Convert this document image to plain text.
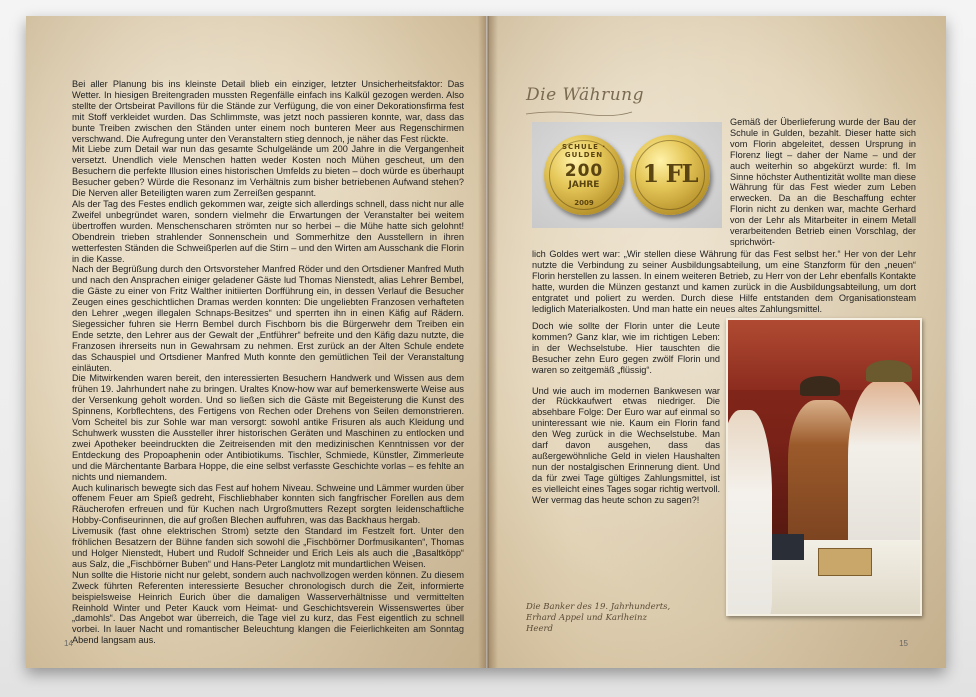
Bei aller Planung bis ins kleinste Detail blieb ein einziger, letzter Unsicherheitsfaktor: Das Wetter. In hiesigen Breitengraden mussten Regenfälle einfach ins Kalkül gezogen werden. Also stellte der Ortsbeirat Pavillons für die Stände zur Verfügung, die von einer Dekorationsfirma fest mit Stoff verkleidet wurden. Das Schlimmste, was jetzt noch passieren konnte, war, dass das bunte Treiben zwischen den Ständen unter einem noch bunteren Meer aus Regenschirmen verschwand. Die Aufregung unter den Veranstaltern stieg dennoch, je näher das Fest rückte.

Mit Liebe zum Detail war nun das gesamte Schulgelände um 200 Jahre in die Vergangenheit versetzt. Unendlich viele Menschen hatten weder Kosten noch Mühen gescheut, um den Besuchern die perfekte Illusion eines historischen Umfelds zu bieten – doch würde es überhaupt Besucher geben? Würde die Resonanz im Verhältnis zum bisher betriebenen Aufwand stehen? Die Nerven aller Beteiligten waren zum Zerreißen gespannt.

Als der Tag des Festes endlich gekommen war, zeigte sich allerdings schnell, dass nicht nur alle Zweifel unbegründet waren, sondern vielmehr die Erwartungen der Veranstalter bei weitem übertroffen wurden. Menschenscharen strömten nur so herbei – die Mühe hatte sich gelohnt! Obendrein trieben strahlender Sonnenschein und Sommerhitze den Ausstellern in ihren wetterfesten Ständen die Schweißperlen auf die Stirn – und den Wirten am Ausschank die Florin in die Kasse.

Nach der Begrüßung durch den Ortsvorsteher Manfred Röder und den Ortsdiener Manfred Muth und nach den Ansprachen einiger geladener Gäste lud Thomas Nienstedt, alias Lehrer Bembel, die Gäste zu einer von Fritz Walther initiierten Dorfführung ein, in dessen Verlauf die Besucher Zeugen eines geschichtlichen Dramas werden konnten: Die ungeliebten Franzosen verhafteten den Lehrer „wegen illegalen Schnaps-Besitzes“ und sperrten ihn in einen Käfig auf Rädern. Siegessicher fuhren sie Herrn Bembel durch Fischborn bis die Bürgerwehr dem Treiben ein Ende setzte, den Lehrer aus der Gewalt der „Entführer“ befreite und den Käfig dazu nutzte, die Franzosen ihrerseits nun in Gewahrsam zu nehmen. Erst zurück an der Alten Schule endete das Schauspiel und Ortsdiener Manfred Muth konnte den gemütlichen Teil der Veranstaltung einläuten.

Die Mitwirkenden waren bereit, den interessierten Besuchern Handwerk und Wissen aus dem frühen 19. Jahrhundert nahe zu bringen. Uraltes Know-how war auf bemerkenswerte Weise aus der Versenkung geholt worden. Und so ließen sich die Gäste mit Begeisterung die Kunst des Spinnens, Korbflechtens, des Fertigens von Rechen oder Drehens von Seilen demonstrieren. Vom Scheitel bis zur Sohle war man versorgt: sowohl antike Frisuren als auch Kleidung und Schuhwerk wussten die Aussteller ihrer historischen Geräten und Maschinen zu entlocken und zwei Apotheker beeindruckten die Zeitreisenden mit den medizinischen Kenntnissen vor der Entdeckung des Propoaphenin oder Antibiotikums. Tischler, Schmiede, Künstler, Zimmerleute und die Märchentante Barbara Hoppe, die eine selbst verfasste Geschichte vorlas – es fehlte an nichts und niemandem.

Auch kulinarisch bewegte sich das Fest auf hohem Niveau. Schweine und Lämmer wurden über offenem Feuer am Spieß gedreht, Fischliebhaber konnten sich fangfrischer Forellen aus dem Räucherofen erfreuen und für Kuchen nach Urgroßmutters Rezept sorgten leidenschaftliche Hobby-Confiseurinnen, die auf großen Blechen auffuhren, was das Backhaus hergab.

Livemusik (fast ohne elektrischen Strom) setzte den Standard im Festzelt fort. Unter den fröhlichen Besatzern der Bühne fanden sich sowohl die „Fischbörner Dorfmusikanten“, Thomas und Holger Nienstedt, Hubert und Rudolf Schneider und Erich Leis als auch die „Basaltköpp“ aus Salz, die „Fischbörner Buben“ und Hans-Peter Langlotz mit mundartlichen Weisen.

Nun sollte die Historie nicht nur gelebt, sondern auch nachvollzogen werden können. Zu diesem Zweck führten Referenten interessierte Besucher chronologisch durch die Zeit, informierte beispielsweise Heinrich Eurich über die damaligen Wasserverhältnisse und vermittelten Reinhold Winter und Peter Kauck vom Heimat- und Geschichtsverein Wissenswertes über „damohls“. Das Angebot war überreich, die Tage viel zu kurz, das Fest eigentlich zu schnell vorbei. In lauer Nacht und romantischer Beleuchtung klangen die Feierlichkeiten am Sonntag Abend langsam aus.

14
Die Währung
SCHULE · GULDEN
200
JAHRE
2009
1 FL

Gemäß der Überlieferung wurde der Bau der Schule in Gulden, bezahlt. Dieser hatte sich vom Florin abgeleitet, dessen Ursprung in Florenz liegt – daher der Name – und der auch weiterhin so abgekürzt wurde: fl. Im Sinne höchster Authentizität wollte man diese Währung für das Fest wieder zum Leben erwecken. Da an die Beschaffung echter Florin nicht zu denken war, machte Gerhard von der Lehr als Mitarbeiter in einem Metall verarbeitenden Betrieb einen Vorschlag, der sprichwört-

lich Goldes wert war: „Wir stellen diese Währung für das Fest selbst her.“ Her von der Lehr nutzte die Verbindung zu seiner Ausbildungsabteilung, um eine Stanzform für den „neuen“ Florin herstellen zu lassen. In einem weiteren Betrieb, zu Herr von der Lehr ebenfalls Kontakte hatte, wurden die Münzen gestanzt und kamen zurück in die Ausbildungsabteilung, um dort entgratet und poliert zu werden. Durch diese Hilfe entstanden dem Organisationsteam lediglich Materialkosten. Und man hatte ein neues altes Zahlungsmittel.

Doch wie sollte der Florin unter die Leute kommen? Ganz klar, wie im richtigen Leben: in der Wechselstube. Hier tauschten die Besucher zehn Euro gegen zwölf Florin und waren so zeitgemäß „flüssig“.

Und wie auch im modernen Bankwesen war der Rückkaufwert etwas niedriger. Die absehbare Folge: Der Euro war auf einmal so uninteressant wie nie. Kaum ein Florin fand den Weg zurück in die Wechselstube. Man darf davon ausgehen, dass das außergewöhnliche Geld in vielen Haushalten nun der nostalgischen Erinnerung dient. Und da für zwei Tage gültiges Zahlungsmittel, ist es vielleicht eines Tages sogar richtig wertvoll. Wer vermag das heute schon zu sagen?!

Die Banker des 19. Jahrhunderts, Erhard Appel und Karlheinz Heerd
15
